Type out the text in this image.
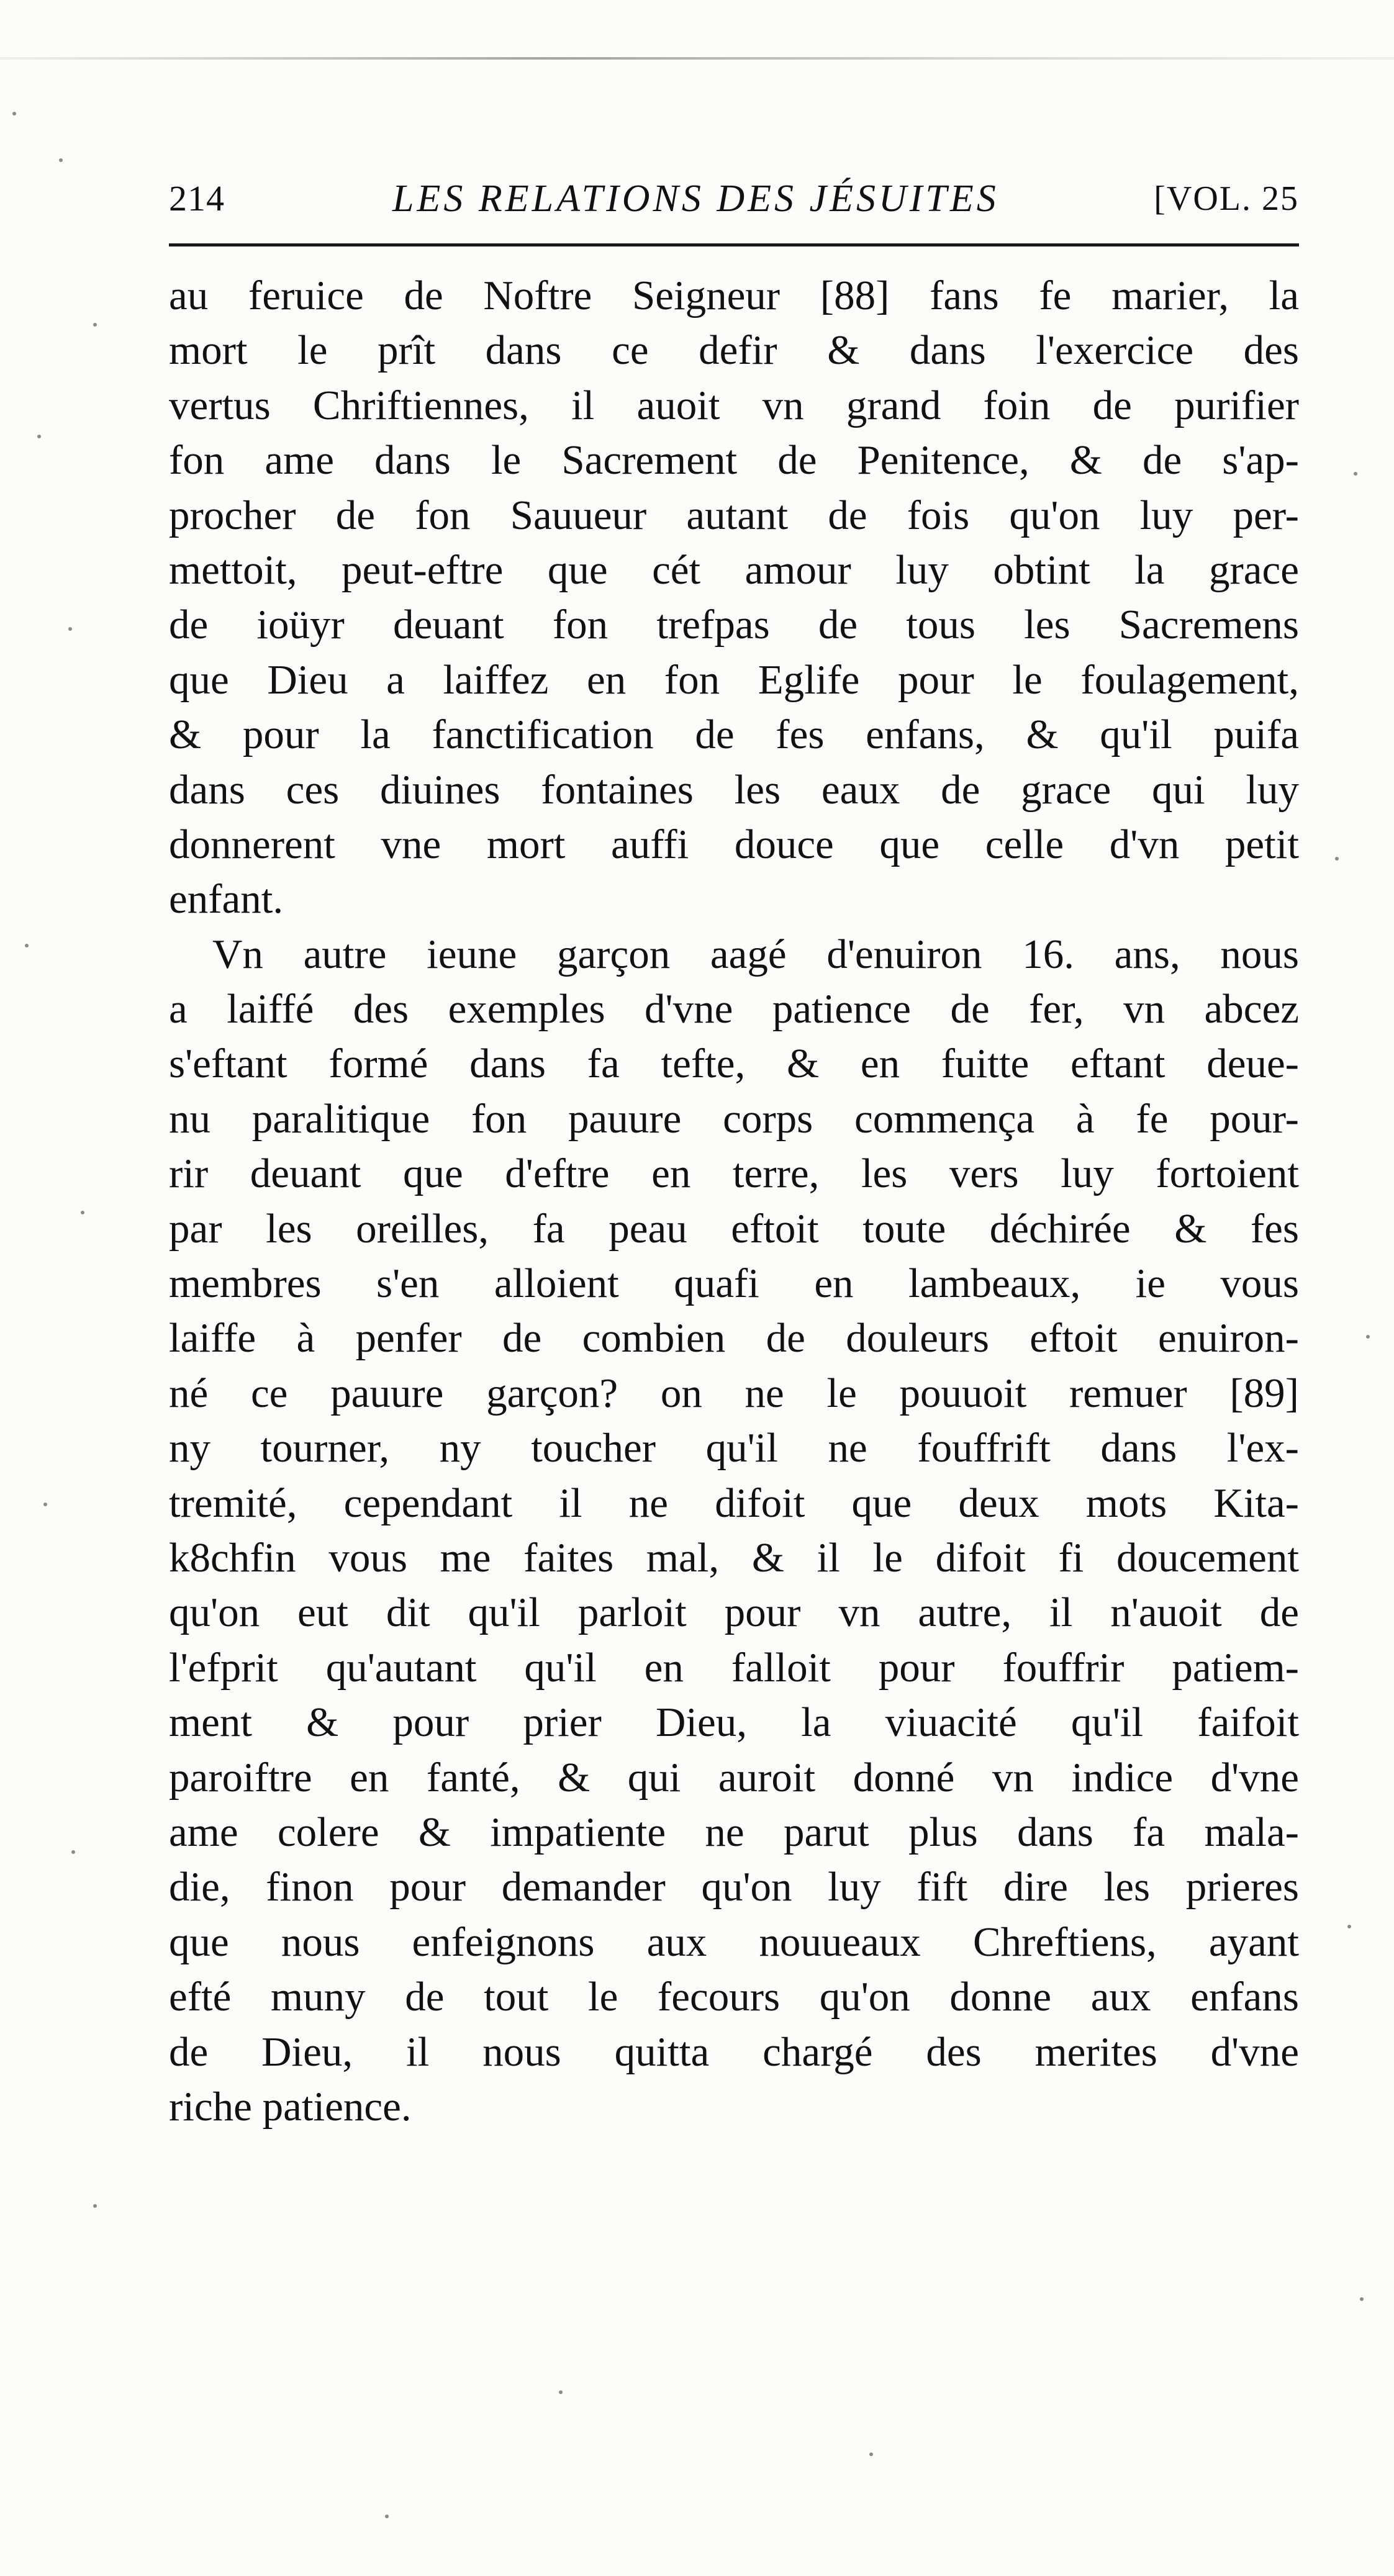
214	LES RELATIONS DES JÉSUITES	[VOL. 25
au feruice de Noftre Seigneur [88] fans fe marier, la
mort le prît dans ce defir & dans l'exercice des
vertus Chriftiennes, il auoit vn grand foin de purifier
fon ame dans le Sacrement de Penitence, & de s'ap-
procher de fon Sauueur autant de fois qu'on luy per-
mettoit, peut-eftre que cét amour luy obtint la grace
de ioüyr deuant fon trefpas de tous les Sacremens
que Dieu a laiffez en fon Eglife pour le foulagement,
& pour la fanctification de fes enfans, & qu'il puifa
dans ces diuines fontaines les eaux de grace qui luy
donnerent vne mort auffi douce que celle d'vn petit
enfant.
Vn autre ieune garçon aagé d'enuiron 16. ans, nous
a laiffé des exemples d'vne patience de fer, vn abcez
s'eftant formé dans fa tefte, & en fuitte eftant deue-
nu paralitique fon pauure corps commença à fe pour-
rir deuant que d'eftre en terre, les vers luy fortoient
par les oreilles, fa peau eftoit toute déchirée & fes
membres s'en alloient quafi en lambeaux, ie vous
laiffe à penfer de combien de douleurs eftoit enuiron-
né ce pauure garçon? on ne le pouuoit remuer [89]
ny tourner, ny toucher qu'il ne fouffrift dans l'ex-
tremité, cependant il ne difoit que deux mots Kita-
k8chfin vous me faites mal, & il le difoit fi doucement
qu'on eut dit qu'il parloit pour vn autre, il n'auoit de
l'efprit qu'autant qu'il en falloit pour fouffrir patiem-
ment & pour prier Dieu, la viuacité qu'il faifoit
paroiftre en fanté, & qui auroit donné vn indice d'vne
ame colere & impatiente ne parut plus dans fa mala-
die, finon pour demander qu'on luy fift dire les prieres
que nous enfeignons aux nouueaux Chreftiens, ayant
efté muny de tout le fecours qu'on donne aux enfans
de Dieu, il nous quitta chargé des merites d'vne
riche patience.
